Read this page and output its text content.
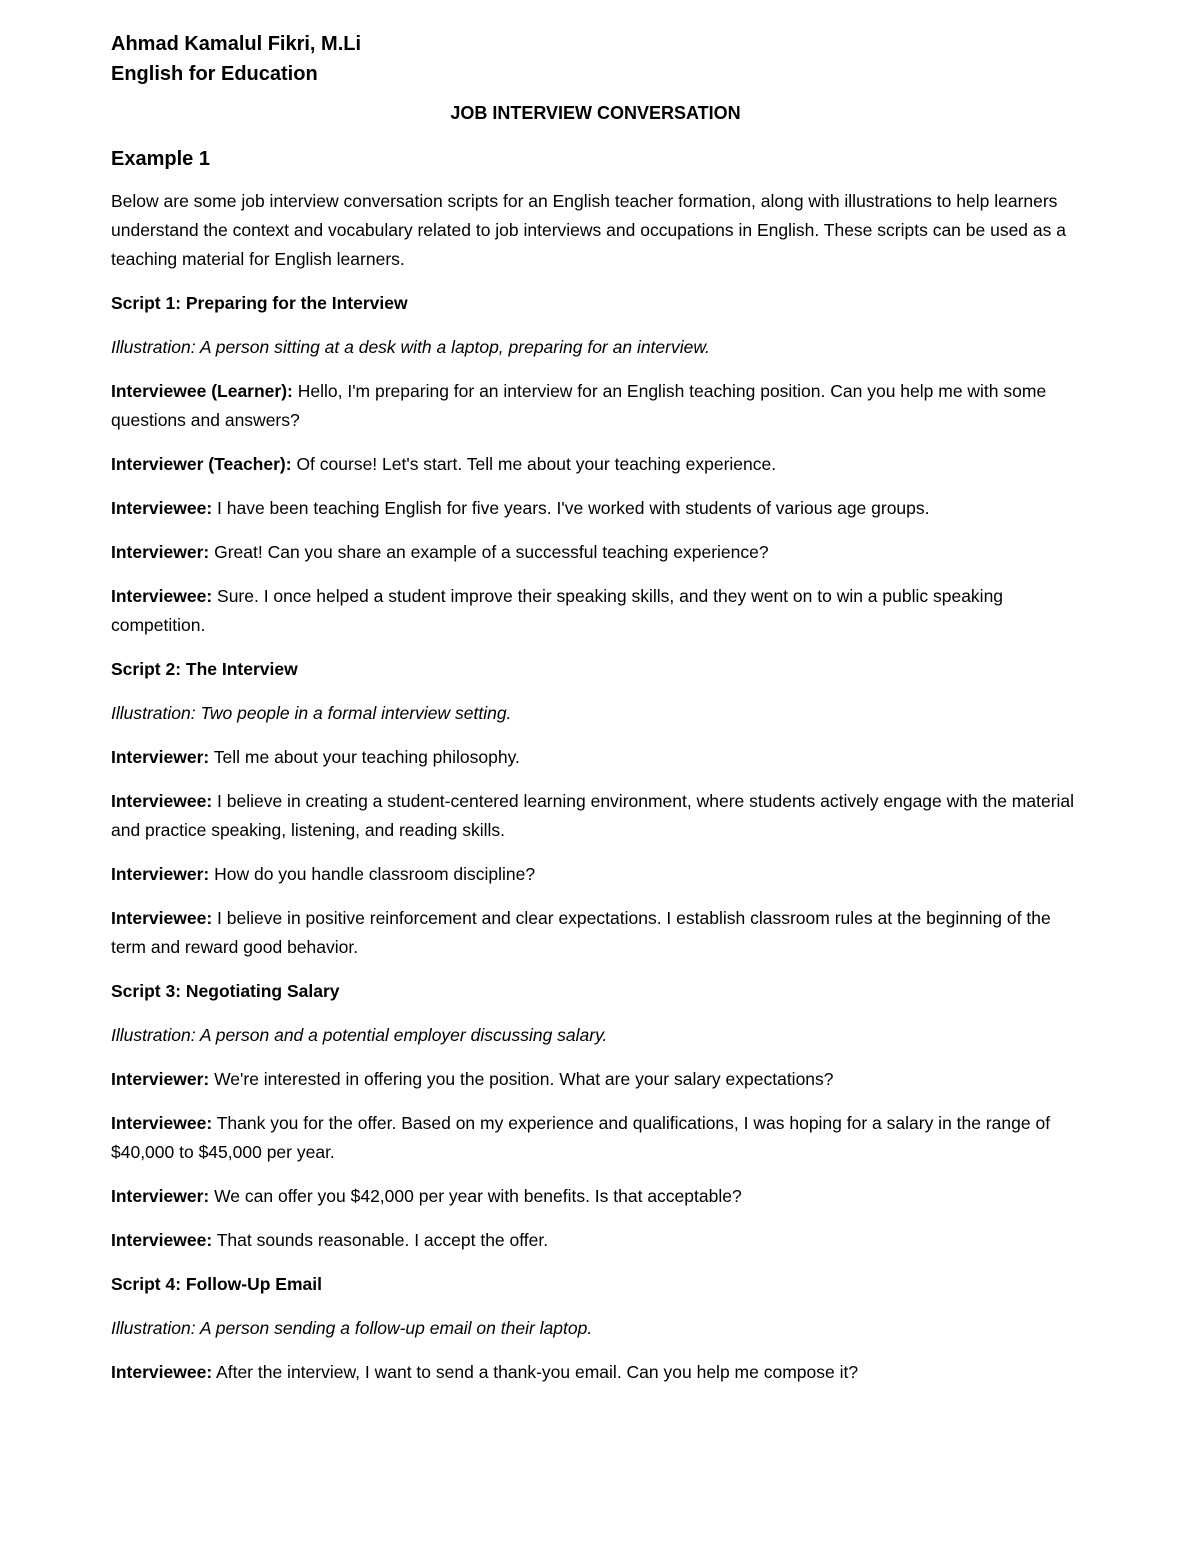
Ahmad Kamalul Fikri, M.Li

English for Education

JOB INTERVIEW CONVERSATION

Example 1

Below are some job interview conversation scripts for an English teacher formation, along with illustrations to help learners understand the context and vocabulary related to job interviews and occupations in English. These scripts can be used as a teaching material for English learners.

Script 1: Preparing for the Interview

Illustration: A person sitting at a desk with a laptop, preparing for an interview.

Interviewee (Learner): Hello, I'm preparing for an interview for an English teaching position. Can you help me with some questions and answers?

Interviewer (Teacher): Of course! Let's start. Tell me about your teaching experience.

Interviewee: I have been teaching English for five years. I've worked with students of various age groups.

Interviewer: Great! Can you share an example of a successful teaching experience?

Interviewee: Sure. I once helped a student improve their speaking skills, and they went on to win a public speaking competition.

Script 2: The Interview

Illustration: Two people in a formal interview setting.

Interviewer: Tell me about your teaching philosophy.

Interviewee: I believe in creating a student-centered learning environment, where students actively engage with the material and practice speaking, listening, and reading skills.

Interviewer: How do you handle classroom discipline?

Interviewee: I believe in positive reinforcement and clear expectations. I establish classroom rules at the beginning of the term and reward good behavior.

Script 3: Negotiating Salary

Illustration: A person and a potential employer discussing salary.

Interviewer: We're interested in offering you the position. What are your salary expectations?

Interviewee: Thank you for the offer. Based on my experience and qualifications, I was hoping for a salary in the range of $40,000 to $45,000 per year.

Interviewer: We can offer you $42,000 per year with benefits. Is that acceptable?

Interviewee: That sounds reasonable. I accept the offer.

Script 4: Follow-Up Email

Illustration: A person sending a follow-up email on their laptop.

Interviewee: After the interview, I want to send a thank-you email. Can you help me compose it?
